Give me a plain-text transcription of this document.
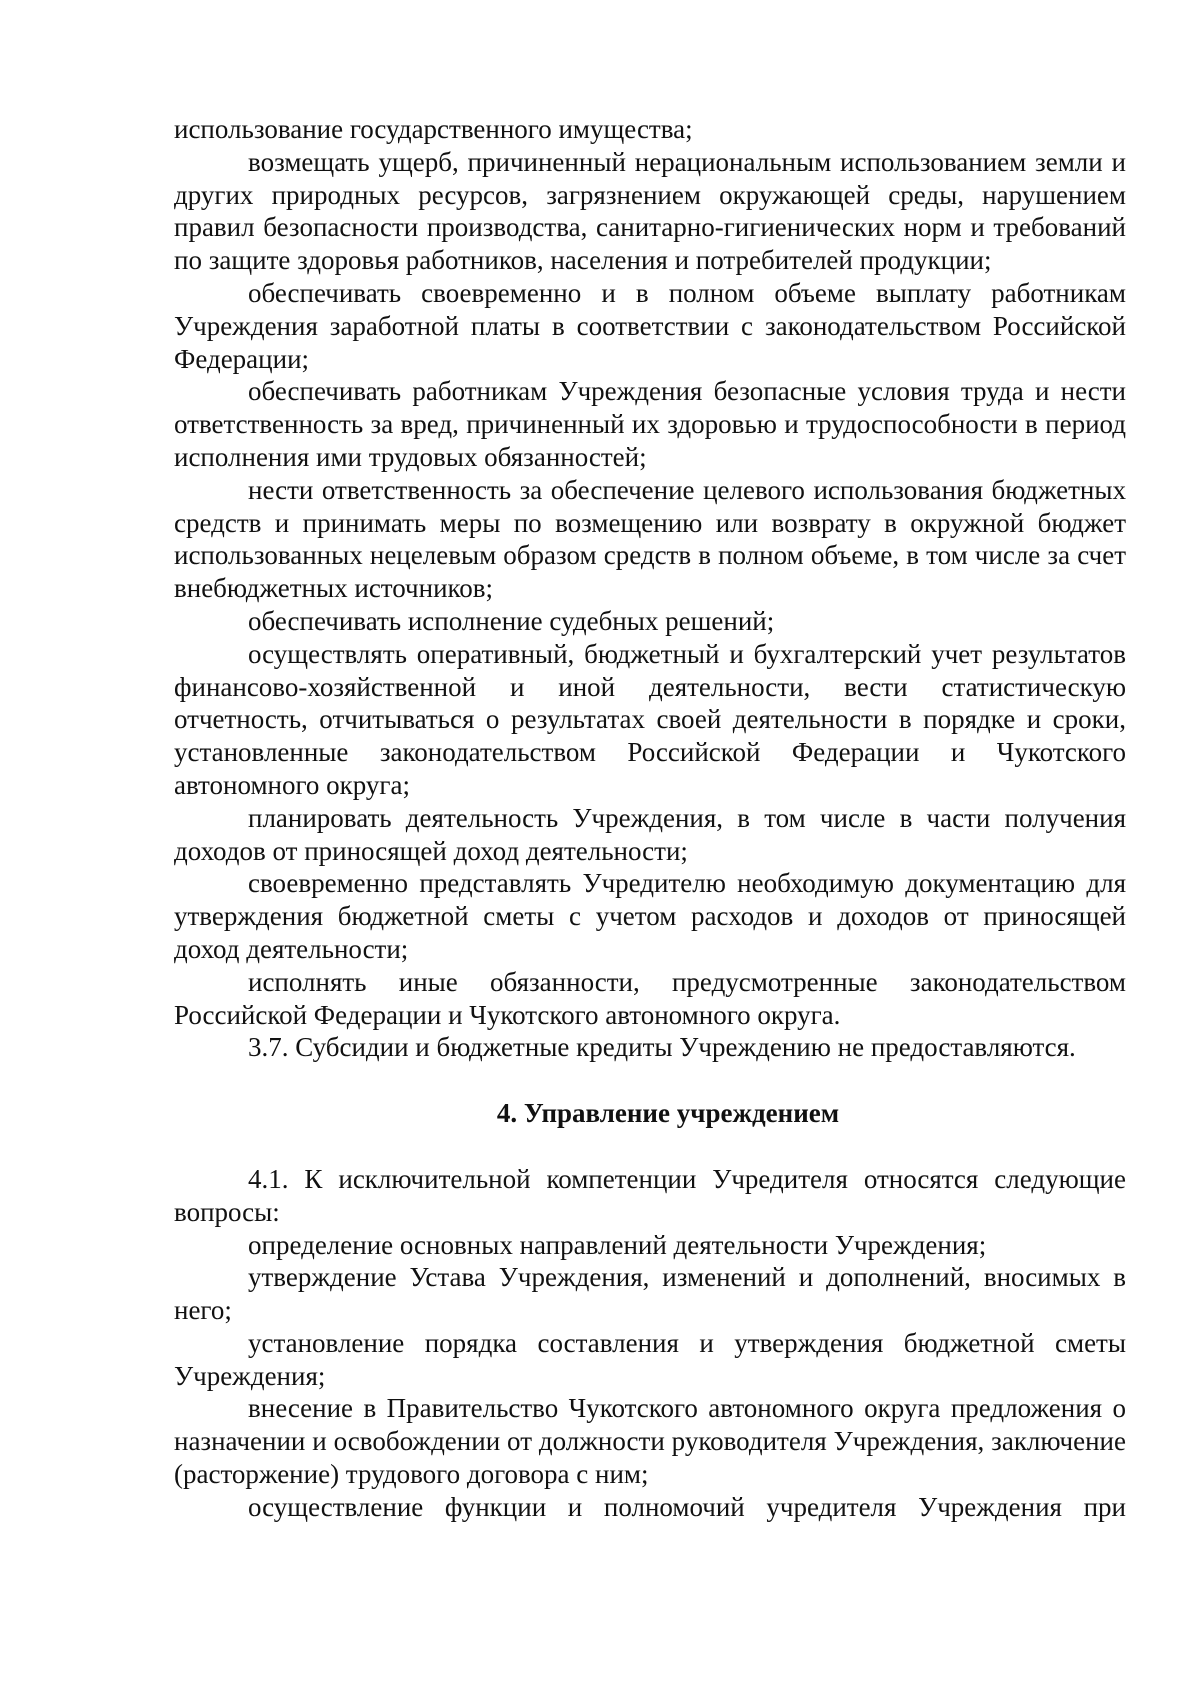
использование государственного имущества;

возмещать ущерб, причиненный нерациональным использованием земли и других природных ресурсов, загрязнением окружающей среды, нарушением правил безопасности производства, санитарно-гигиенических норм и требований по защите здоровья работников, населения и потребителей продукции;

обеспечивать своевременно и в полном объеме выплату работникам Учреждения заработной платы в соответствии с законодательством Российской Федерации;

обеспечивать работникам Учреждения безопасные условия труда и нести ответственность за вред, причиненный их здоровью и трудоспособности в период исполнения ими трудовых обязанностей;

нести ответственность за обеспечение целевого использования бюджетных средств и принимать меры по возмещению или возврату в окружной бюджет использованных нецелевым образом средств в полном объеме, в том числе за счет внебюджетных источников;

обеспечивать исполнение судебных решений;

осуществлять оперативный, бюджетный и бухгалтерский учет результатов финансово-хозяйственной и иной деятельности, вести статистическую отчетность, отчитываться о результатах своей деятельности в порядке и сроки, установленные законодательством Российской Федерации и Чукотского автономного округа;

планировать деятельность Учреждения, в том числе в части получения доходов от приносящей доход деятельности;

своевременно представлять Учредителю необходимую документацию для утверждения бюджетной сметы с учетом расходов и доходов от приносящей доход деятельности;

исполнять иные обязанности, предусмотренные законодательством Российской Федерации и Чукотского автономного округа.

3.7. Субсидии и бюджетные кредиты Учреждению не предоставляются.

4. Управление учреждением

4.1. К исключительной компетенции Учредителя относятся следующие вопросы:

определение основных направлений деятельности Учреждения;

утверждение Устава Учреждения, изменений и дополнений, вносимых в него;

установление порядка составления и утверждения бюджетной сметы Учреждения;

внесение в Правительство Чукотского автономного округа предложения о назначении и освобождении от должности руководителя Учреждения, заключение (расторжение) трудового договора с ним;

осуществление функции и полномочий учредителя Учреждения при
